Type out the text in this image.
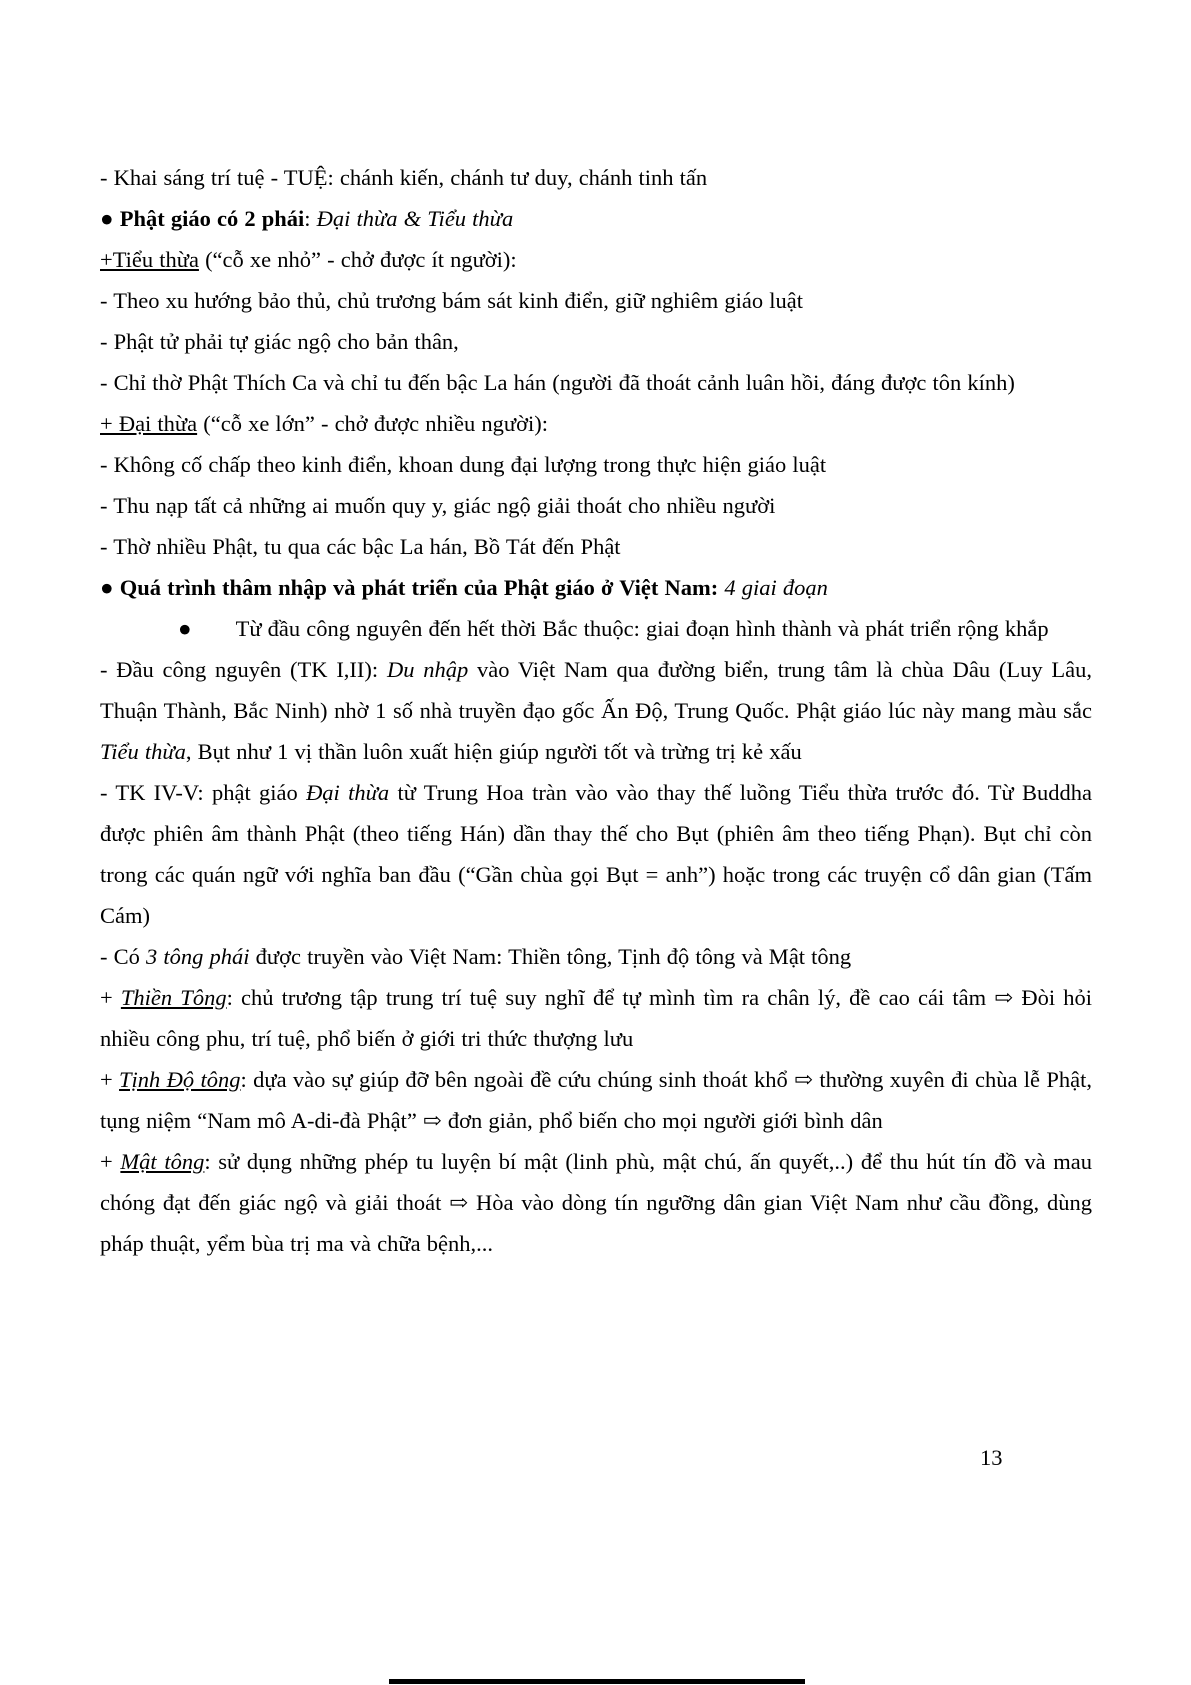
- Khai sáng trí tuệ - TUỆ: chánh kiến, chánh tư duy, chánh tinh tấn

● Phật giáo có 2 phái: Đại thừa & Tiểu thừa

+Tiểu thừa (“cỗ xe nhỏ” - chở được ít người):

- Theo xu hướng bảo thủ, chủ trương bám sát kinh điển, giữ nghiêm giáo luật

- Phật tử phải tự giác ngộ cho bản thân,

- Chỉ thờ Phật Thích Ca và chỉ tu đến bậc La hán (người đã thoát cảnh luân hồi, đáng được tôn kính)

+ Đại thừa (“cỗ xe lớn” - chở được nhiều người):

- Không cố chấp theo kinh điển, khoan dung đại lượng trong thực hiện giáo luật

- Thu nạp tất cả những ai muốn quy y, giác ngộ giải thoát cho nhiều người

- Thờ nhiều Phật, tu qua các bậc La hán, Bồ Tát đến Phật

● Quá trình thâm nhập và phát triển của Phật giáo ở Việt Nam: 4 giai đoạn

● Từ đầu công nguyên đến hết thời Bắc thuộc: giai đoạn hình thành và phát triển rộng khắp

- Đầu công nguyên (TK I,II): Du nhập vào Việt Nam qua đường biển, trung tâm là chùa Dâu (Luy Lâu, Thuận Thành, Bắc Ninh) nhờ 1 số nhà truyền đạo gốc Ấn Độ, Trung Quốc. Phật giáo lúc này mang màu sắc Tiểu thừa, Bụt như 1 vị thần luôn xuất hiện giúp người tốt và trừng trị kẻ xấu

- TK IV-V: phật giáo Đại thừa từ Trung Hoa tràn vào vào thay thế luồng Tiểu thừa trước đó. Từ Buddha được phiên âm thành Phật (theo tiếng Hán) dần thay thế cho Bụt (phiên âm theo tiếng Phạn). Bụt chỉ còn trong các quán ngữ với nghĩa ban đầu (“Gần chùa gọi Bụt = anh”) hoặc trong các truyện cổ dân gian (Tấm Cám)

- Có 3 tông phái được truyền vào Việt Nam: Thiền tông, Tịnh độ tông và Mật tông

+ Thiền Tông: chủ trương tập trung trí tuệ suy nghĩ để tự mình tìm ra chân lý, đề cao cái tâm ⇨ Đòi hỏi nhiều công phu, trí tuệ, phổ biến ở giới tri thức thượng lưu

+ Tịnh Độ tông: dựa vào sự giúp đỡ bên ngoài đề cứu chúng sinh thoát khổ ⇨ thường xuyên đi chùa lễ Phật, tụng niệm “Nam mô A-di-đà Phật” ⇨ đơn giản, phổ biến cho mọi người giới bình dân

+ Mật tông: sử dụng những phép tu luyện bí mật (linh phù, mật chú, ấn quyết,..) để thu hút tín đồ và mau chóng đạt đến giác ngộ và giải thoát ⇨ Hòa vào dòng tín ngưỡng dân gian Việt Nam như cầu đồng, dùng pháp thuật, yểm bùa trị ma và chữa bệnh,...

13
